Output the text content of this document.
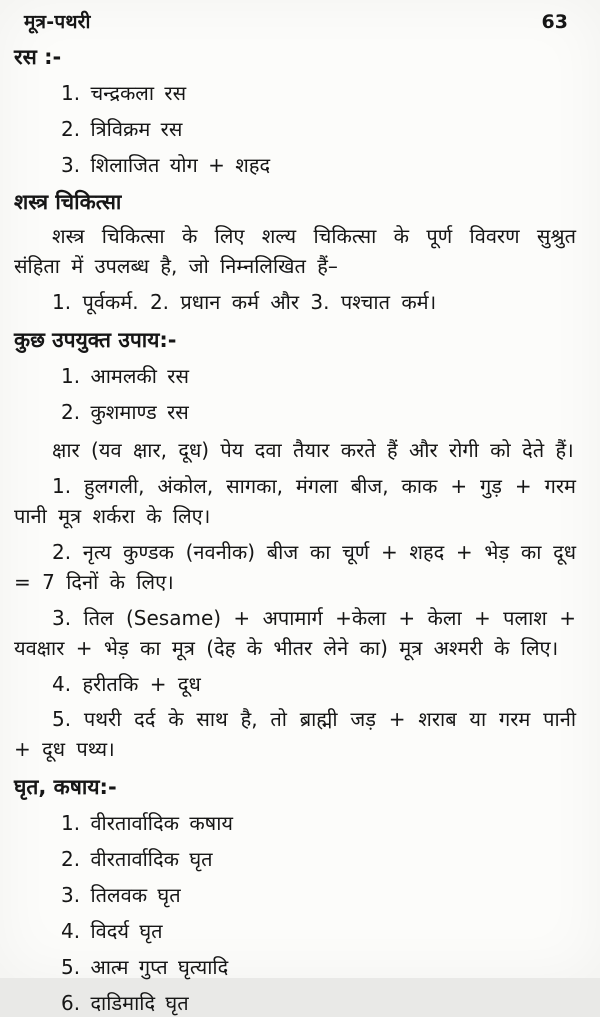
मूत्र-पथरी	63
रस :-
1. चन्द्रकला रस
2. त्रिविक्रम रस
3. शिलाजित योग + शहद
शस्त्र चिकित्सा

शस्त्र चिकित्सा के लिए शल्य चिकित्सा के पूर्ण विवरण सुश्रुत संहिता में उपलब्ध है, जो निम्नलिखित हैं–

1. पूर्वकर्म. 2. प्रधान कर्म और 3. पश्चात कर्म।

कुछ उपयुक्त उपाय:-
1. आमलकी रस
2. कुशमाण्ड रस

क्षार (यव क्षार, दूध) पेय दवा तैयार करते हैं और रोगी को देते हैं।

1. हुलगली, अंकोल, सागका, मंगला बीज, काक + गुड़ + गरम पानी मूत्र शर्करा के लिए।

2. नृत्य कुण्डक (नवनीक) बीज का चूर्ण + शहद + भेड़ का दूध = 7 दिनों के लिए।

3. तिल (Sesame) + अपामार्ग +केला + केला + पलाश + यवक्षार + भेड़ का मूत्र (देह के भीतर लेने का) मूत्र अश्मरी के लिए।

4. हरीतकि + दूध

5. पथरी दर्द के साथ है, तो ब्राह्मी जड़ + शराब या गरम पानी + दूध पथ्य।

घृत, कषाय:-
1. वीरतार्वादिक कषाय
2. वीरतार्वादिक घृत
3. तिलवक घृत
4. विदर्य घृत
5. आत्म गुप्त घृत्यादि
6. दाडिमादि घृत
